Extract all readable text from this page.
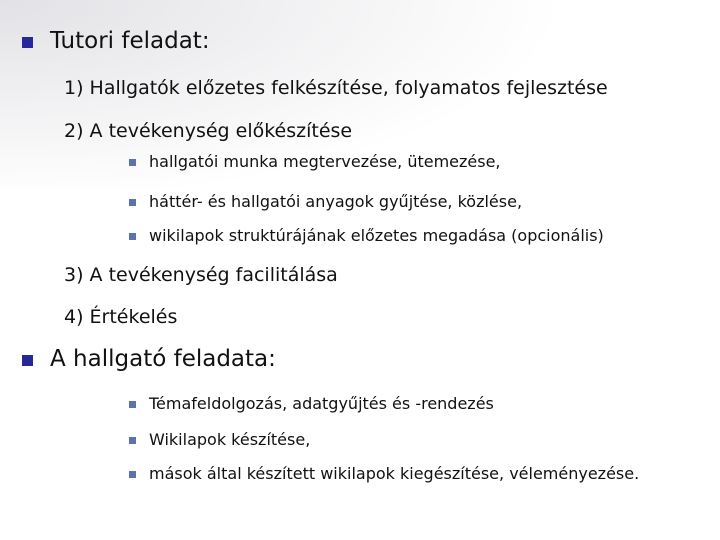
Tutori feladat:
1) Hallgatók előzetes felkészítése, folyamatos fejlesztése
2) A tevékenység előkészítése
hallgatói munka megtervezése, ütemezése,
háttér- és hallgatói anyagok gyűjtése, közlése,
wikilapok struktúrájának előzetes megadása (opcionális)
3) A tevékenység facilitálása
4) Értékelés
A hallgató feladata:
Témafeldolgozás, adatgyűjtés és -rendezés
Wikilapok készítése,
mások által készített wikilapok kiegészítése, véleményezése.
